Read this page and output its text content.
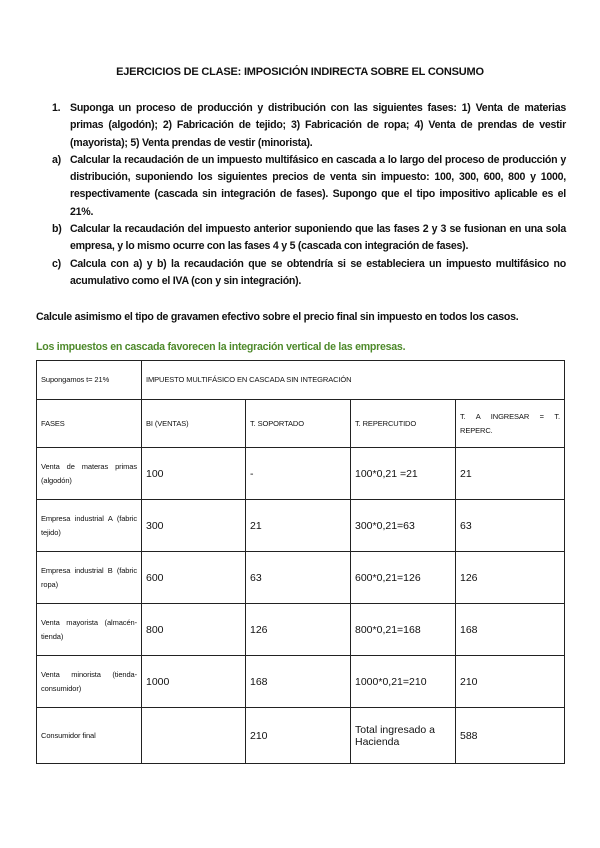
EJERCICIOS DE CLASE: IMPOSICIÓN INDIRECTA SOBRE EL CONSUMO
1. Suponga un proceso de producción y distribución con las siguientes fases: 1) Venta de materias primas (algodón); 2) Fabricación de tejido; 3) Fabricación de ropa; 4) Venta de prendas de vestir (mayorista); 5) Venta prendas de vestir (minorista).
a) Calcular la recaudación de un impuesto multifásico en cascada a lo largo del proceso de producción y distribución, suponiendo los siguientes precios de venta sin impuesto: 100, 300, 600, 800 y 1000, respectivamente (cascada sin integración de fases). Supongo que el tipo impositivo aplicable es el 21%.
b) Calcular la recaudación del impuesto anterior suponiendo que las fases 2 y 3 se fusionan en una sola empresa, y lo mismo ocurre con las fases 4 y 5 (cascada con integración de fases).
c) Calcula con a) y b) la recaudación que se obtendría si se estableciera un impuesto multifásico no acumulativo como el IVA (con y sin integración).
Calcule asimismo el tipo de gravamen efectivo sobre el precio final sin impuesto en todos los casos.
Los impuestos en cascada favorecen la integración vertical de las empresas.
Supongamos t= 21%	IMPUESTO MULTIFÁSICO EN CASCADA SIN INTEGRACIÓN			
FASES	BI (VENTAS)	T. SOPORTADO	T. REPERCUTIDO	T. A INGRESAR = T. REPERC.
Venta de materas primas (algodón)	100	-	100*0,21 =21	21
Empresa industrial A (fabric tejido)	300	21	300*0,21=63	63
Empresa industrial B (fabric ropa)	600	63	600*0,21=126	126
Venta mayorista (almacén-tienda)	800	126	800*0,21=168	168
Venta minorista (tienda-consumidor)	1000	168	1000*0,21=210	210
Consumidor final		210	Total ingresado a Hacienda	588
